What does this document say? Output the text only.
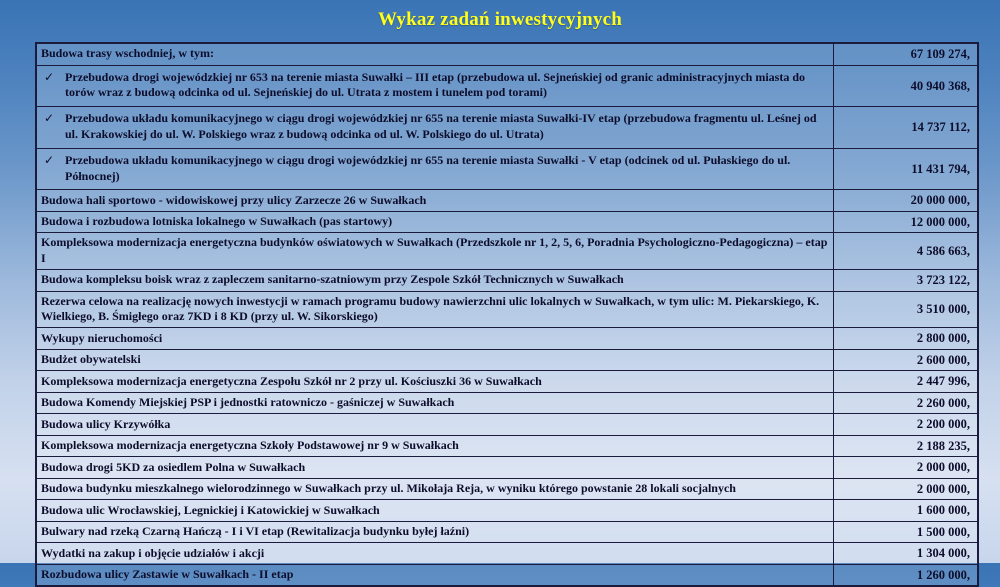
Wykaz zadań inwestycyjnych
Budowa trasy wschodniej, w tym:	67 109 274,

✓ Przebudowa drogi wojewódzkiej nr 653 na terenie miasta Suwałki – III etap (przebudowa ul. Sejneńskiej od granic administracyjnych miasta do torów wraz z budową odcinka od ul. Sejneńskiej do ul. Utrata z mostem i tunelem pod torami)	40 940 368,

✓ Przebudowa układu komunikacyjnego w ciągu drogi wojewódzkiej nr 655 na terenie miasta Suwałki-IV etap (przebudowa fragmentu ul. Leśnej od ul. Krakowskiej do ul. W. Polskiego wraz z budową odcinka od ul. W. Polskiego do ul. Utrata)	14 737 112,

✓ Przebudowa układu komunikacyjnego w ciągu drogi wojewódzkiej nr 655 na terenie miasta Suwałki - V etap (odcinek od ul. Pułaskiego do ul. Północnej)	11 431 794,

Budowa hali sportowo - widowiskowej przy ulicy Zarzecze 26 w Suwałkach	20 000 000,

Budowa i rozbudowa lotniska lokalnego w Suwałkach (pas startowy)	12 000 000,

Kompleksowa modernizacja energetyczna budynków oświatowych w Suwałkach (Przedszkole nr 1, 2, 5, 6, Poradnia Psychologiczno-Pedagogiczna) – etap I	4 586 663,

Budowa kompleksu boisk wraz z zapleczem sanitarno-szatniowym przy Zespole Szkół Technicznych w Suwałkach	3 723 122,

Rezerwa celowa na realizację nowych inwestycji w ramach programu budowy nawierzchni ulic lokalnych w Suwałkach, w tym ulic: M. Piekarskiego, K. Wielkiego, B. Śmigłego oraz 7KD i 8 KD (przy ul. W. Sikorskiego)	3 510 000,

Wykupy nieruchomości	2 800 000,

Budżet obywatelski	2 600 000,

Kompleksowa modernizacja energetyczna Zespołu Szkół nr 2 przy ul. Kościuszki 36 w Suwałkach	2 447 996,

Budowa Komendy Miejskiej PSP i jednostki ratowniczo - gaśniczej w Suwałkach	2 260 000,

Budowa ulicy Krzywółka	2 200 000,

Kompleksowa modernizacja energetyczna Szkoły Podstawowej nr 9 w Suwałkach	2 188 235,

Budowa drogi 5KD za osiedlem Polna w Suwałkach	2 000 000,

Budowa budynku mieszkalnego wielorodzinnego w Suwałkach przy ul. Mikołaja Reja, w wyniku którego powstanie 28 lokali socjalnych	2 000 000,

Budowa ulic Wrocławskiej, Legnickiej i Katowickiej w Suwałkach	1 600 000,

Bulwary nad rzeką Czarną Hańczą - I i VI etap (Rewitalizacja budynku byłej łaźni)	1 500 000,

Wydatki na zakup i objęcie udziałów i akcji	1 304 000,

Rozbudowa ulicy Zastawie w Suwałkach - II etap	1 260 000,
